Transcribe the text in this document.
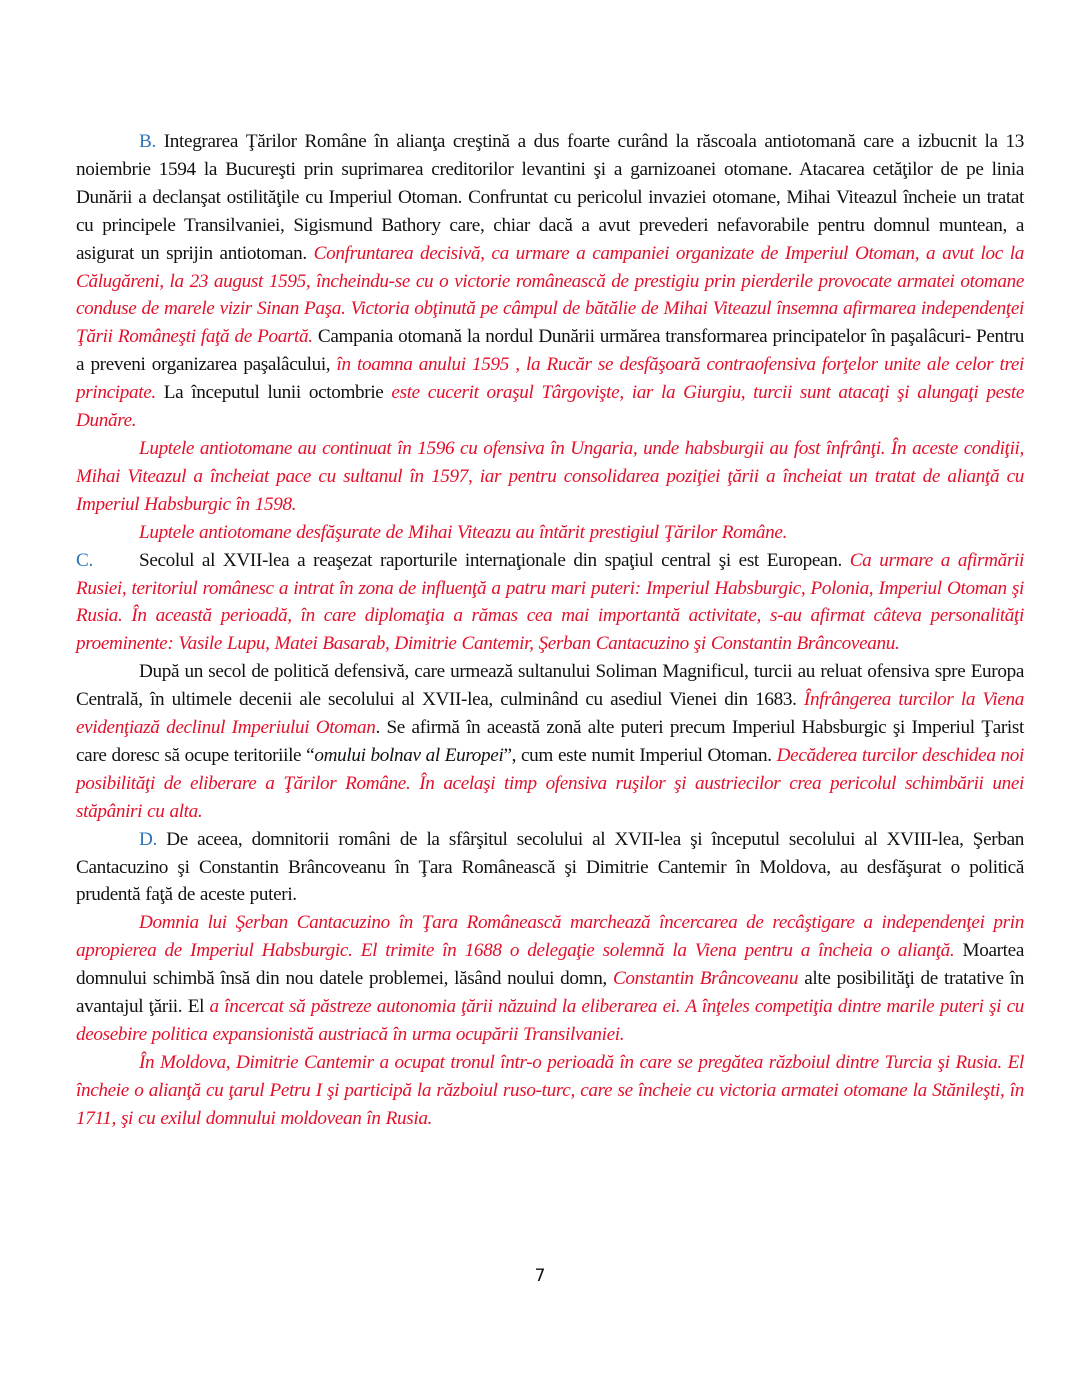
B. Integrarea Ţărilor Române în alianţa creştină a dus foarte curând la răscoala antiotomană care a izbucnit la 13 noiembrie 1594 la Bucureşti prin suprimarea creditorilor levantini şi a garnizoanei otomane. Atacarea cetăţilor de pe linia Dunării a declanşat ostilităţile cu Imperiul Otoman. Confruntat cu pericolul invaziei otomane, Mihai Viteazul încheie un tratat cu principele Transilvaniei, Sigismund Bathory care, chiar dacă a avut prevederi nefavorabile pentru domnul muntean, a asigurat un sprijin antiotoman. Confruntarea decisivă, ca urmare a campaniei organizate de Imperiul Otoman, a avut loc la Călugăreni, la 23 august 1595, încheindu-se cu o victorie românească de prestigiu prin pierderile provocate armatei otomane conduse de marele vizir Sinan Paşa. Victoria obţinută pe câmpul de bătălie de Mihai Viteazul însemna afirmarea independenţei Ţării Româneşti faţă de Poartă. Campania otomană la nordul Dunării urmărea transformarea principatelor în paşalâcuri- Pentru a preveni organizarea paşalâcului, în toamna anului 1595 , la Rucăr se desfăşoară contraofensiva forţelor unite ale celor trei principate. La începutul lunii octombrie este cucerit oraşul Târgovişte, iar la Giurgiu, turcii sunt atacaţi şi alungaţi peste Dunăre.

Luptele antiotomane au continuat în 1596 cu ofensiva în Ungaria, unde habsburgii au fost înfrânţi. În aceste condiţii, Mihai Viteazul a încheiat pace cu sultanul în 1597, iar pentru consolidarea poziţiei ţării a încheiat un tratat de alianţă cu Imperiul Habsburgic în 1598.

Luptele antiotomane desfăşurate de Mihai Viteazu au întărit prestigiul Ţărilor Române.

C. Secolul al XVII-lea a reaşezat raporturile internaţionale din spaţiul central şi est European. Ca urmare a afirmării Rusiei, teritoriul românesc a intrat în zona de influenţă a patru mari puteri: Imperiul Habsburgic, Polonia, Imperiul Otoman şi Rusia. În această perioadă, în care diplomaţia a rămas cea mai importantă activitate, s-au afirmat câteva personalităţi proeminente: Vasile Lupu, Matei Basarab, Dimitrie Cantemir, Şerban Cantacuzino şi Constantin Brâncoveanu.

După un secol de politică defensivă, care urmează sultanului Soliman Magnificul, turcii au reluat ofensiva spre Europa Centrală, în ultimele decenii ale secolului al XVII-lea, culminând cu asediul Vienei din 1683. Înfrângerea turcilor la Viena evidenţiază declinul Imperiului Otoman. Se afirmă în această zonă alte puteri precum Imperiul Habsburgic şi Imperiul Ţarist care doresc să ocupe teritoriile “omului bolnav al Europei”, cum este numit Imperiul Otoman. Decăderea turcilor deschidea noi posibilităţi de eliberare a Ţărilor Române. În acelaşi timp ofensiva ruşilor şi austriecilor crea pericolul schimbării unei stăpâniri cu alta.

D. De aceea, domnitorii români de la sfârşitul secolului al XVII-lea şi începutul secolului al XVIII-lea, Şerban Cantacuzino şi Constantin Brâncoveanu în Ţara Românească şi Dimitrie Cantemir în Moldova, au desfăşurat o politică prudentă faţă de aceste puteri.

Domnia lui Şerban Cantacuzino în Ţara Românească marchează încercarea de recâştigare a independenţei prin apropierea de Imperiul Habsburgic. El trimite în 1688 o delegaţie solemnă la Viena pentru a încheia o alianţă. Moartea domnului schimbă însă din nou datele problemei, lăsând noului domn, Constantin Brâncoveanu alte posibilităţi de tratative în avantajul ţării. El a încercat să păstreze autonomia ţării năzuind la eliberarea ei. A înţeles competiţia dintre marile puteri şi cu deosebire politica expansionistă austriacă în urma ocupării Transilvaniei.

În Moldova, Dimitrie Cantemir a ocupat tronul într-o perioadă în care se pregătea războiul dintre Turcia şi Rusia. El încheie o alianţă cu ţarul Petru I şi participă la războiul ruso-turc, care se încheie cu victoria armatei otomane la Stănileşti, în 1711, şi cu exilul domnului moldovean în Rusia.

7
